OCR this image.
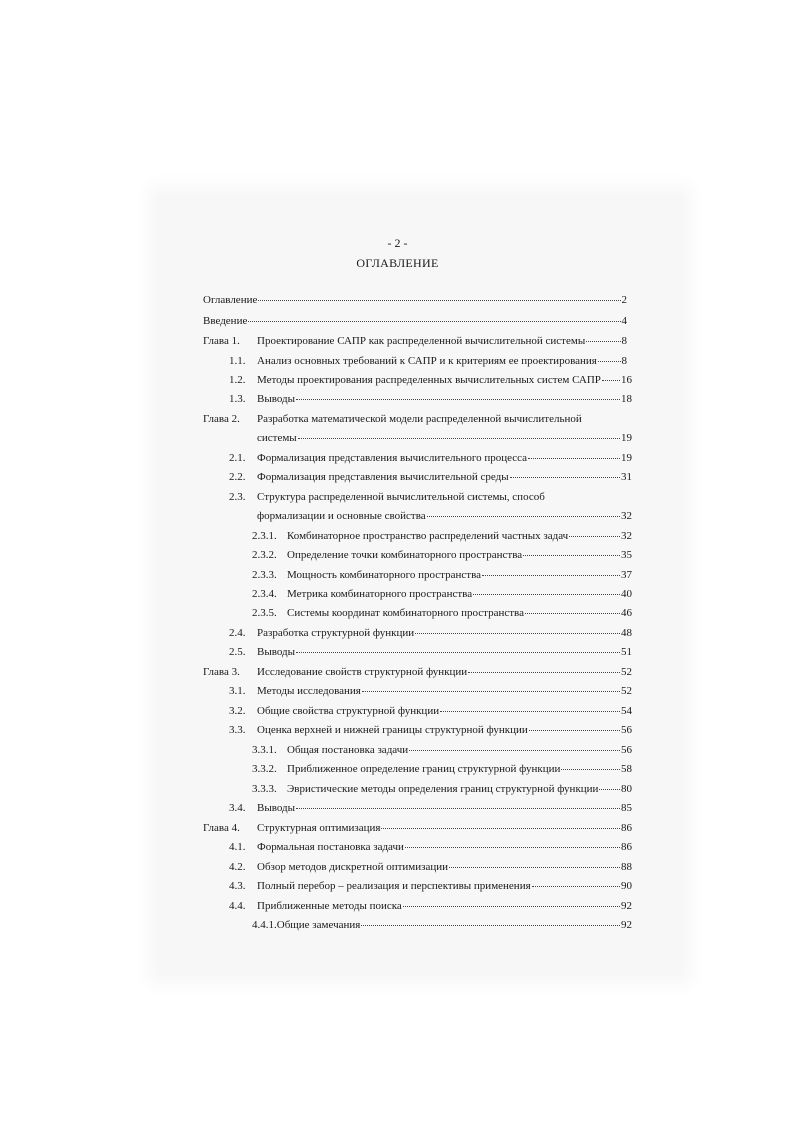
- 2 -
ОГЛАВЛЕНИЕ
Оглавление	2
Введение	4
Глава 1. Проектирование САПР как распределенной вычислительной системы	8
1.1. Анализ основных требований к САПР и к критериям ее проектирования 8
1.2. Методы проектирования распределенных вычислительных систем САПР 16
1.3. Выводы	18
Глава 2. Разработка математической модели распределенной вычислительной
системы	19
2.1. Формализация представления вычислительного процесса	19
2.2. Формализация представления вычислительной среды	31
2.3. Структура распределенной вычислительной системы, способ
формализации и основные свойства	32
2.3.1. Комбинаторное пространство распределений частных задач	32
2.3.2. Определение точки комбинаторного пространства	35
2.3.3. Мощность комбинаторного пространства	37
2.3.4. Метрика комбинаторного пространства	40
2.3.5. Системы координат комбинаторного пространства	46
2.4. Разработка структурной функции	48
2.5. Выводы	51
Глава 3. Исследование свойств структурной функции	52
3.1. Методы исследования	52
3.2. Общие свойства структурной функции	54
3.3. Оценка верхней и нижней границы структурной функции	56
3.3.1. Общая постановка задачи	56
3.3.2. Приближенное определение границ структурной функции	58
3.3.3. Эвристические методы определения границ структурной функции 80
3.4. Выводы	85
Глава 4. Структурная оптимизация	86
4.1. Формальная постановка задачи	86
4.2. Обзор методов дискретной оптимизации	88
4.3. Полный перебор – реализация и перспективы применения	90
4.4. Приближенные методы поиска	92
4.4.1. Общие замечания	92
